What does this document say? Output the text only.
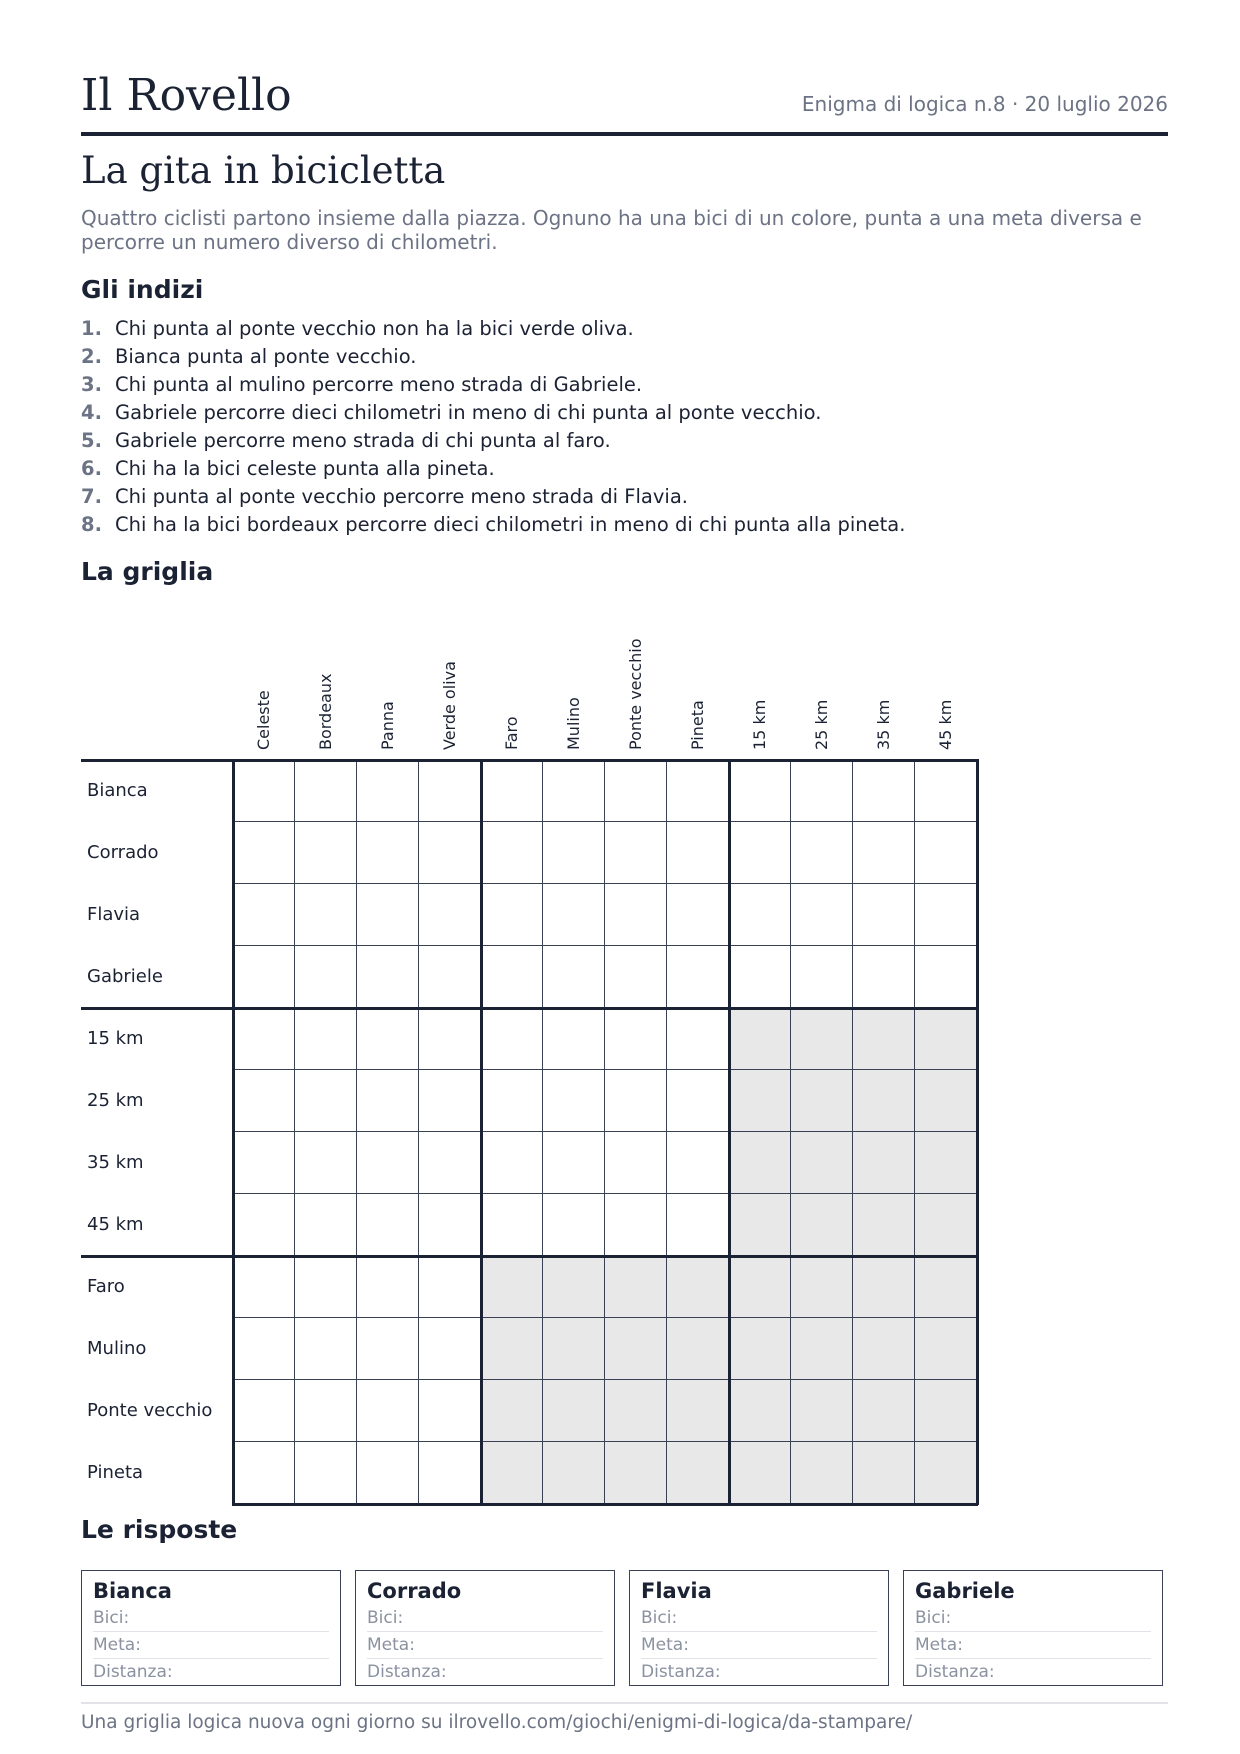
Il Rovello	Enigma di logica n.8 · 20 luglio 2026
La gita in bicicletta
Quattro ciclisti partono insieme dalla piazza. Ognuno ha una bici di un colore, punta a una meta diversa e percorre un numero diverso di chilometri.
Gli indizi
1. Chi punta al ponte vecchio non ha la bici verde oliva.
2. Bianca punta al ponte vecchio.
3. Chi punta al mulino percorre meno strada di Gabriele.
4. Gabriele percorre dieci chilometri in meno di chi punta al ponte vecchio.
5. Gabriele percorre meno strada di chi punta al faro.
6. Chi ha la bici celeste punta alla pineta.
7. Chi punta al ponte vecchio percorre meno strada di Flavia.
8. Chi ha la bici bordeaux percorre dieci chilometri in meno di chi punta alla pineta.
La griglia
Celeste	Bordeaux	Panna	Verde oliva	Faro	Mulino	Ponte vecchio	Pineta	15 km	25 km	35 km	45 km
Bianca
Corrado
Flavia
Gabriele
15 km
25 km
35 km
45 km
Faro
Mulino
Ponte vecchio
Pineta
Le risposte
Bianca
Bici:
Meta:
Distanza:
Corrado
Bici:
Meta:
Distanza:
Flavia
Bici:
Meta:
Distanza:
Gabriele
Bici:
Meta:
Distanza:
Una griglia logica nuova ogni giorno su ilrovello.com/giochi/enigmi-di-logica/da-stampare/
